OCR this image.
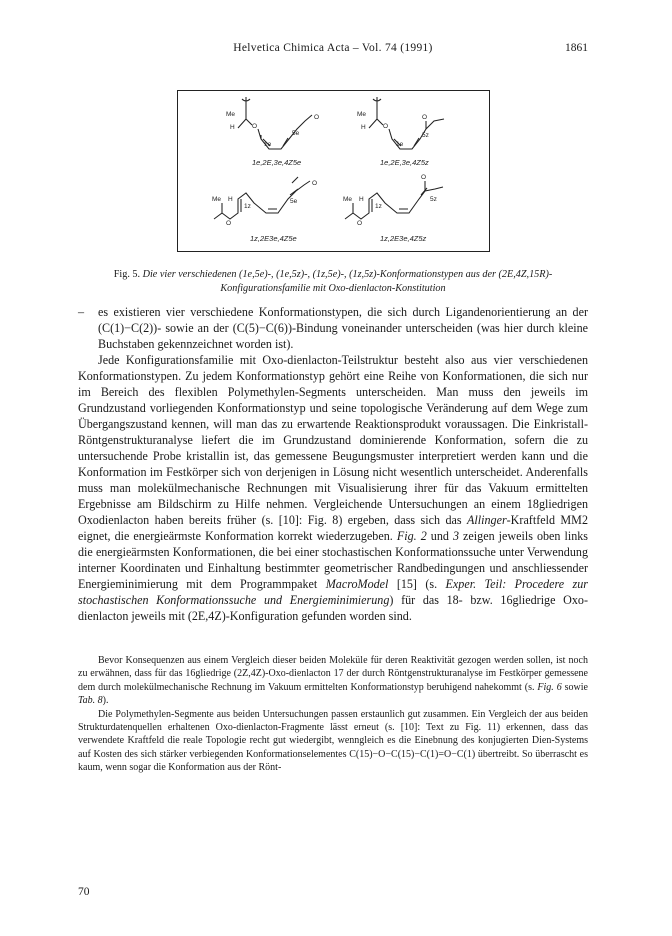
Helvetica Chimica Acta – Vol. 74 (1991)	1861
Me
H	O
O
1e
5e
1e,2E,3e,4Z5e
Me
H	O
O
1e
5z
1e,2E,3e,4Z5z
Me H
O
O
1z
5e
1z,2E3e,4Z5e
Me H
O
O
1z
5z
1z,2E3e,4Z5z
Fig. 5. Die vier verschiedenen (1e,5e)-, (1e,5z)-, (1z,5e)-, (1z,5z)-Konformationstypen aus der (2E,4Z,15R)-Konfigurationsfamilie mit Oxo-dienlacton-Konstitution

– es existieren vier verschiedene Konformationstypen, die sich durch Ligandenorientierung an der (C(1)−C(2))- sowie an der (C(5)−C(6))-Bindung voneinander unterscheiden (was hier durch kleine Buchstaben gekennzeichnet worden ist).

Jede Konfigurationsfamilie mit Oxo-dienlacton-Teilstruktur besteht also aus vier verschiedenen Konformationstypen. Zu jedem Konformationstyp gehört eine Reihe von Konformationen, die sich nur im Bereich des flexiblen Polymethylen-Segments unterscheiden. Man muss den jeweils im Grundzustand vorliegenden Konformationstyp und seine topologische Veränderung auf dem Wege zum Übergangszustand kennen, will man das zu erwartende Reaktionsprodukt voraussagen. Die Einkristall-Röntgenstrukturanalyse liefert die im Grundzustand dominierende Konformation, sofern die zu untersuchende Probe kristallin ist, das gemessene Beugungsmuster interpretiert werden kann und die Konformation im Festkörper sich von derjenigen in Lösung nicht wesentlich unterscheidet. Anderenfalls muss man molekülmechanische Rechnungen mit Visualisierung ihrer für das Vakuum ermittelten Ergebnisse am Bildschirm zu Hilfe nehmen. Vergleichende Untersuchungen an einem 18gliedrigen Oxodienlacton haben bereits früher (s. [10]: Fig. 8) ergeben, dass sich das Allinger-Kraftfeld MM2 eignet, die energieärmste Konformation korrekt wiederzugeben. Fig. 2 und 3 zeigen jeweils oben links die energieärmsten Konformationen, die bei einer stochastischen Konformationssuche unter Verwendung interner Koordinaten und Einhaltung bestimmter geometrischer Randbedingungen und anschliessender Energieminimierung mit dem Programmpaket MacroModel [15] (s. Exper. Teil: Procedere zur stochastischen Konformationssuche und Energieminimierung) für das 18- bzw. 16gliedrige Oxo-dienlacton jeweils mit (2E,4Z)-Konfiguration gefunden worden sind.

Bevor Konsequenzen aus einem Vergleich dieser beiden Moleküle für deren Reaktivität gezogen werden sollen, ist noch zu erwähnen, dass für das 16gliedrige (2Z,4Z)-Oxo-dienlacton 17 der durch Röntgenstrukturanalyse im Festkörper gemessene dem durch molekülmechanische Rechnung im Vakuum ermittelten Konformationstyp beruhigend nahekommt (s. Fig. 6 sowie Tab. 8).

Die Polymethylen-Segmente aus beiden Untersuchungen passen erstaunlich gut zusammen. Ein Vergleich der aus beiden Strukturdatenquellen erhaltenen Oxo-dienlacton-Fragmente lässt erneut (s. [10]: Text zu Fig. 11) erkennen, dass das verwendete Kraftfeld die reale Topologie recht gut wiedergibt, wenngleich es die Einebnung des konjugierten Dien-Systems auf Kosten des sich stärker verbiegenden Konformationselementes C(15)−O−C(15)−C(1)=O−C(1) übertreibt. So überrascht es kaum, wenn sogar die Konformation aus der Rönt-

70
